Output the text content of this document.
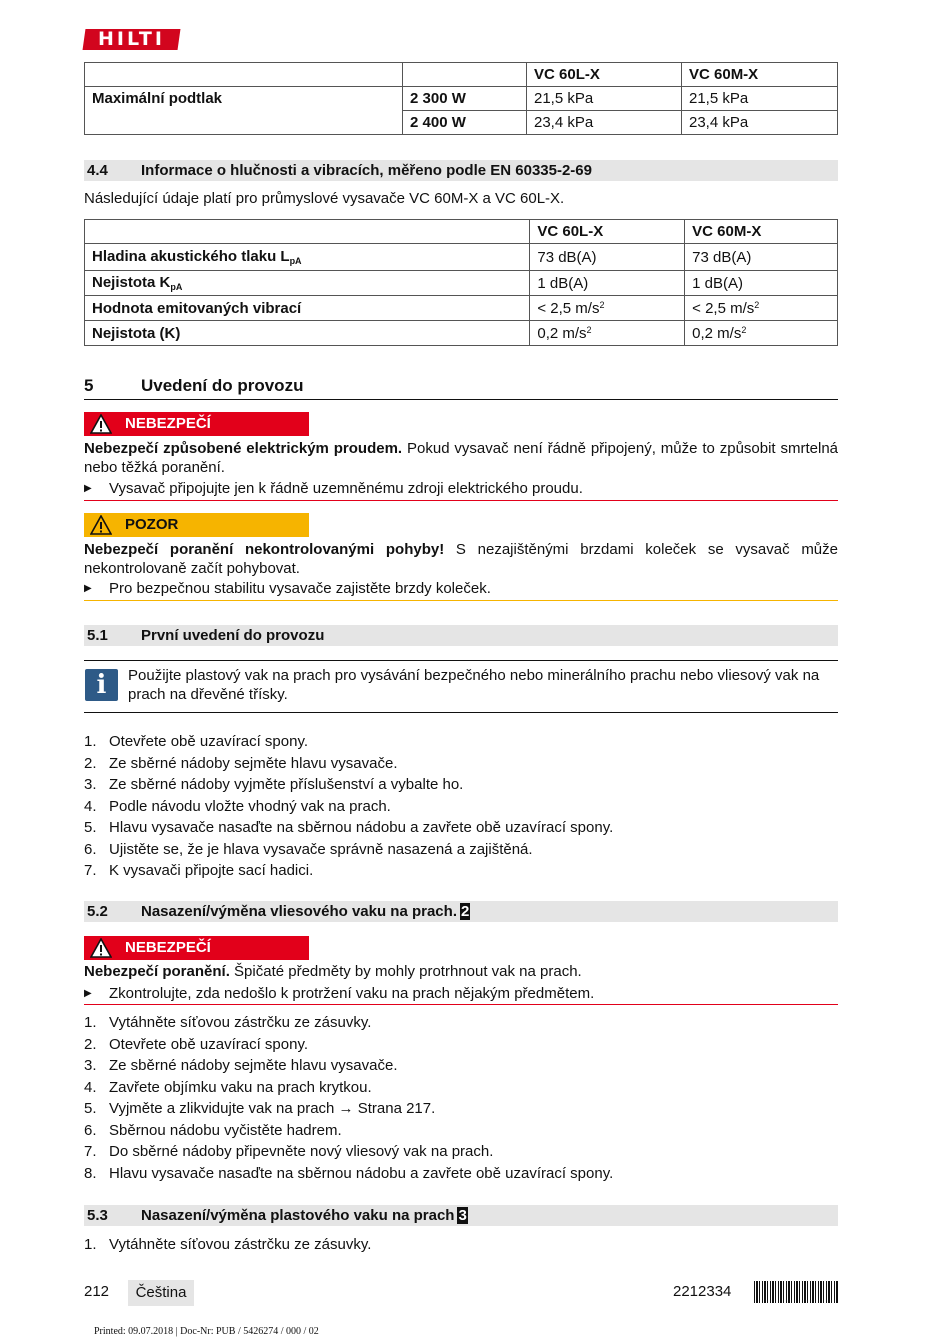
HILTI
		VC 60L-X	VC 60M-X
Maximální podtlak	2 300 W	21,5 kPa	21,5 kPa
	2 400 W	23,4 kPa	23,4 kPa
4.4 Informace o hlučnosti a vibracích, měřeno podle EN 60335-2-69
Následující údaje platí pro průmyslové vysavače VC 60M-X a VC 60L-X.
	VC 60L-X	VC 60M-X
Hladina akustického tlaku $L_{pA}$	73 dB(A)	73 dB(A)
Nejistota $K_{pA}$	1 dB(A)	1 dB(A)
Hodnota emitovaných vibrací	< 2,5 $m/s^2$	< 2,5 $m/s^2$
Nejistota (K)	0,2 $m/s^2$	0,2 $m/s^2$
5	Uvedení do provozu
NEBEZPEČÍ
Nebezpečí způsobené elektrickým proudem. Pokud vysavač není řádně připojený, může to způsobit smrtelná nebo těžká poranění.
▶ Vysavač připojujte jen k řádně uzemněnému zdroji elektrického proudu.
POZOR
Nebezpečí poranění nekontrolovanými pohyby! S nezajištěnými brzdami koleček se vysavač může nekontrolovaně začít pohybovat.
▶ Pro bezpečnou stabilitu vysavače zajistěte brzdy koleček.
5.1 První uvedení do provozu
i	Použijte plastový vak na prach pro vysávání bezpečného nebo minerálního prachu nebo vliesový vak na prach na dřevěné třísky.
1. Otevřete obě uzavírací spony.
2. Ze sběrné nádoby sejměte hlavu vysavače.
3. Ze sběrné nádoby vyjměte příslušenství a vybalte ho.
4. Podle návodu vložte vhodný vak na prach.
5. Hlavu vysavače nasaďte na sběrnou nádobu a zavřete obě uzavírací spony.
6. Ujistěte se, že je hlava vysavače správně nasazená a zajištěná.
7. K vysavači připojte sací hadici.
5.2 Nasazení/výměna vliesového vaku na prach. 2
NEBEZPEČÍ
Nebezpečí poranění. Špičaté předměty by mohly protrhnout vak na prach.
▶ Zkontrolujte, zda nedošlo k protržení vaku na prach nějakým předmětem.
1. Vytáhněte síťovou zástrčku ze zásuvky.
2. Otevřete obě uzavírací spony.
3. Ze sběrné nádoby sejměte hlavu vysavače.
4. Zavřete objímku vaku na prach krytkou.
5. Vyjměte a zlikvidujte vak na prach → Strana 217.
6. Sběrnou nádobu vyčistěte hadrem.
7. Do sběrné nádoby připevněte nový vliesový vak na prach.
8. Hlavu vysavače nasaďte na sběrnou nádobu a zavřete obě uzavírací spony.
5.3 Nasazení/výměna plastového vaku na prach 3
1. Vytáhněte síťovou zástrčku ze zásuvky.
212	Čeština	2212334
Printed: 09.07.2018 | Doc-Nr: PUB / 5426274 / 000 / 02
